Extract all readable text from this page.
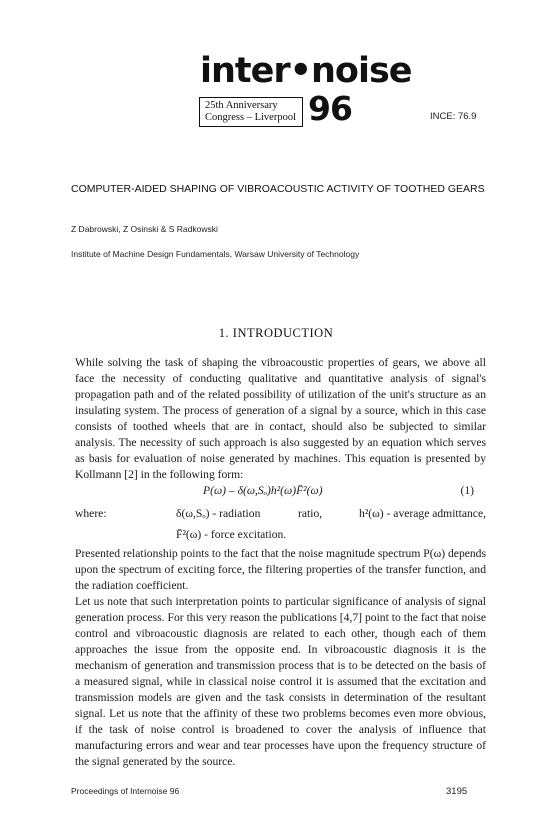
inter•noise
25th Anniversary
Congress – Liverpool 96	INCE: 76.9
COMPUTER-AIDED SHAPING OF VIBROACOUSTIC ACTIVITY OF TOOTHED GEARS
Z Dabrowski, Z Osinski & S Radkowski
Institute of Machine Design Fundamentals, Warsaw University of Technology
1. INTRODUCTION

While solving the task of shaping the vibroacoustic properties of gears, we above all face the necessity of conducting qualitative and quantitative analysis of signal's propagation path and of the related possibility of utilization of the unit's structure as an insulating system. The process of generation of a signal by a source, which in this case consists of toothed wheels that are in contact, should also be subjected to similar analysis. The necessity of such approach is also suggested by an equation which serves as basis for evaluation of noise generated by machines. This equation is presented by Kollmann [2] in the following form:

P(ω) – δ(ω,Sₒ)h²(ω)F̄²(ω)	(1)
where:	δ(ω,Sₒ) - radiation	ratio,	h²(ω) - average admittance,
F̄²(ω) - force excitation.

Presented relationship points to the fact that the noise magnitude spectrum P(ω) depends upon the spectrum of exciting force, the filtering properties of the transfer function, and the radiation coefficient.

Let us note that such interpretation points to particular significance of analysis of signal generation process. For this very reason the publications [4,7] point to the fact that noise control and vibroacoustic diagnosis are related to each other, though each of them approaches the issue from the opposite end. In vibroacoustic diagnosis it is the mechanism of generation and transmission process that is to be detected on the basis of a measured signal, while in classical noise control it is assumed that the excitation and transmission models are given and the task consists in determination of the resultant signal. Let us note that the affinity of these two problems becomes even more obvious, if the task of noise control is broadened to cover the analysis of influence that manufacturing errors and wear and tear processes have upon the frequency structure of the signal generated by the source.

Proceedings of Internoise 96	3195
